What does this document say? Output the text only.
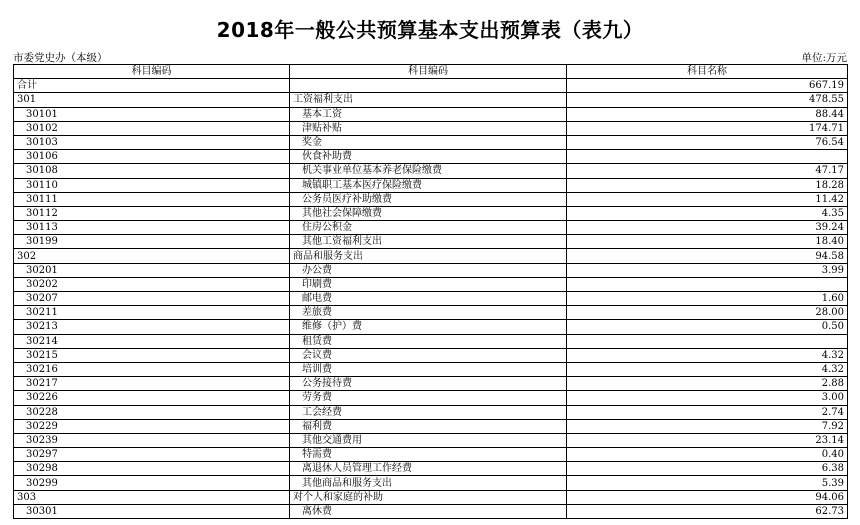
2018年一般公共预算基本支出预算表（表九）
市委党史办（本级）	单位:万元
科目编码	科目编码	科目名称
合计		667.19
301	工资福利支出	478.55
30101	基本工资	88.44
30102	津贴补贴	174.71
30103	奖金	76.54
30106	伙食补助费	
30108	机关事业单位基本养老保险缴费	47.17
30110	城镇职工基本医疗保险缴费	18.28
30111	公务员医疗补助缴费	11.42
30112	其他社会保障缴费	4.35
30113	住房公积金	39.24
30199	其他工资福利支出	18.40
302	商品和服务支出	94.58
30201	办公费	3.99
30202	印刷费	
30207	邮电费	1.60
30211	差旅费	28.00
30213	维修（护）费	0.50
30214	租赁费	
30215	会议费	4.32
30216	培训费	4.32
30217	公务接待费	2.88
30226	劳务费	3.00
30228	工会经费	2.74
30229	福利费	7.92
30239	其他交通费用	23.14
30297	特需费	0.40
30298	离退休人员管理工作经费	6.38
30299	其他商品和服务支出	5.39
303	对个人和家庭的补助	94.06
30301	离休费	62.73
